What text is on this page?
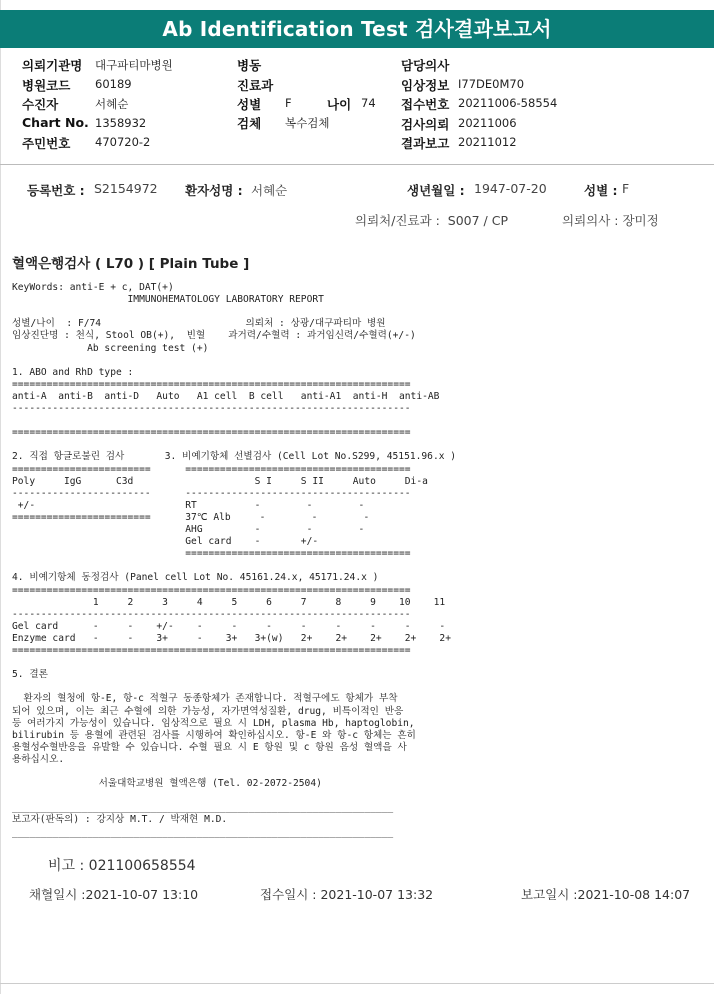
Ab Identification Test 검사결과보고서
의뢰기관명 대구파티마병원
병원코드 60189
수진자	서혜순
Chart No. 1358932
주민번호 470720-2
병동
진료과
성별 F	나이 74
검체 복수검체
담당의사
임상정보 I77DE0M70
접수번호 20211006-58554
검사의뢰 20211006
결과보고 20211012
등록번호 : S2154972 환자성명 : 서혜순	생년월일 : 1947-07-20	성별 : F
의뢰처/진료과 :  S007 / CP	의뢰의사 : 장미정
혈액은행검사 ( L70 ) [ Plain Tube ]
KeyWords: anti-E + c, DAT(+)
IMMUNOHEMATOLOGY LABORATORY REPORT
성별/나이  : F/74                         의뢰처 : 상광/대구파티마 병원
임상진단명 : 천식, Stool OB(+),  빈혈    과거력/수혈력 : 과거임신력/수혈력(+/-)
Ab screening test (+)
1. ABO and RhD type :
=====================================================================
anti-A  anti-B  anti-D   Auto   A1 cell  B cell   anti-A1  anti-H  anti-AB
---------------------------------------------------------------------
=====================================================================
2. 직접 항글로불린 검사       3. 비예기항체 선별검사 (Cell Lot No.S299, 45151.96.x )
========================      =======================================
Poly     IgG      C3d                     S I     S II     Auto     Di-a
------------------------      ---------------------------------------
+/-                          RT          -        -        -
========================      37℃ Alb     -        -        -
AHG         -        -        -
Gel card    -       +/-
=======================================
4. 비예기항체 동정검사 (Panel cell Lot No. 45161.24.x, 45171.24.x )
=====================================================================
1     2     3     4     5     6     7     8     9    10    11
---------------------------------------------------------------------
Gel card      -     -    +/-    -     -     -     -     -     -     -     -
Enzyme card   -     -    3+     -    3+   3+(w)   2+    2+    2+    2+    2+
=====================================================================
5. 결론
환자의 혈청에 항-E, 항-c 적혈구 동종항체가 존재합니다. 적혈구에도 항체가 부착
되어 있으며, 이는 최근 수혈에 의한 가능성, 자가면역성질환, drug, 비특이적인 반응
등 여러가지 가능성이 있습니다. 임상적으로 필요 시 LDH, plasma Hb, haptoglobin,
bilirubin 등 용혈에 관련된 검사를 시행하여 확인하십시오. 항-E 와 항-c 항체는 흔히
용혈성수혈반응을 유발할 수 있습니다. 수혈 필요 시 E 항원 및 c 항원 음성 혈액을 사
용하십시오.
서울대학교병원 혈액은행 (Tel. 02-2072-2504)
__________________________________________________________________
보고자(판독의) : 강지상 M.T. / 박재현 M.D.
__________________________________________________________________
비고 : 021100658554
채혈일시 :2021-10-07 13:10	접수일시 : 2021-10-07 13:32	보고일시 :2021-10-08 14:07
